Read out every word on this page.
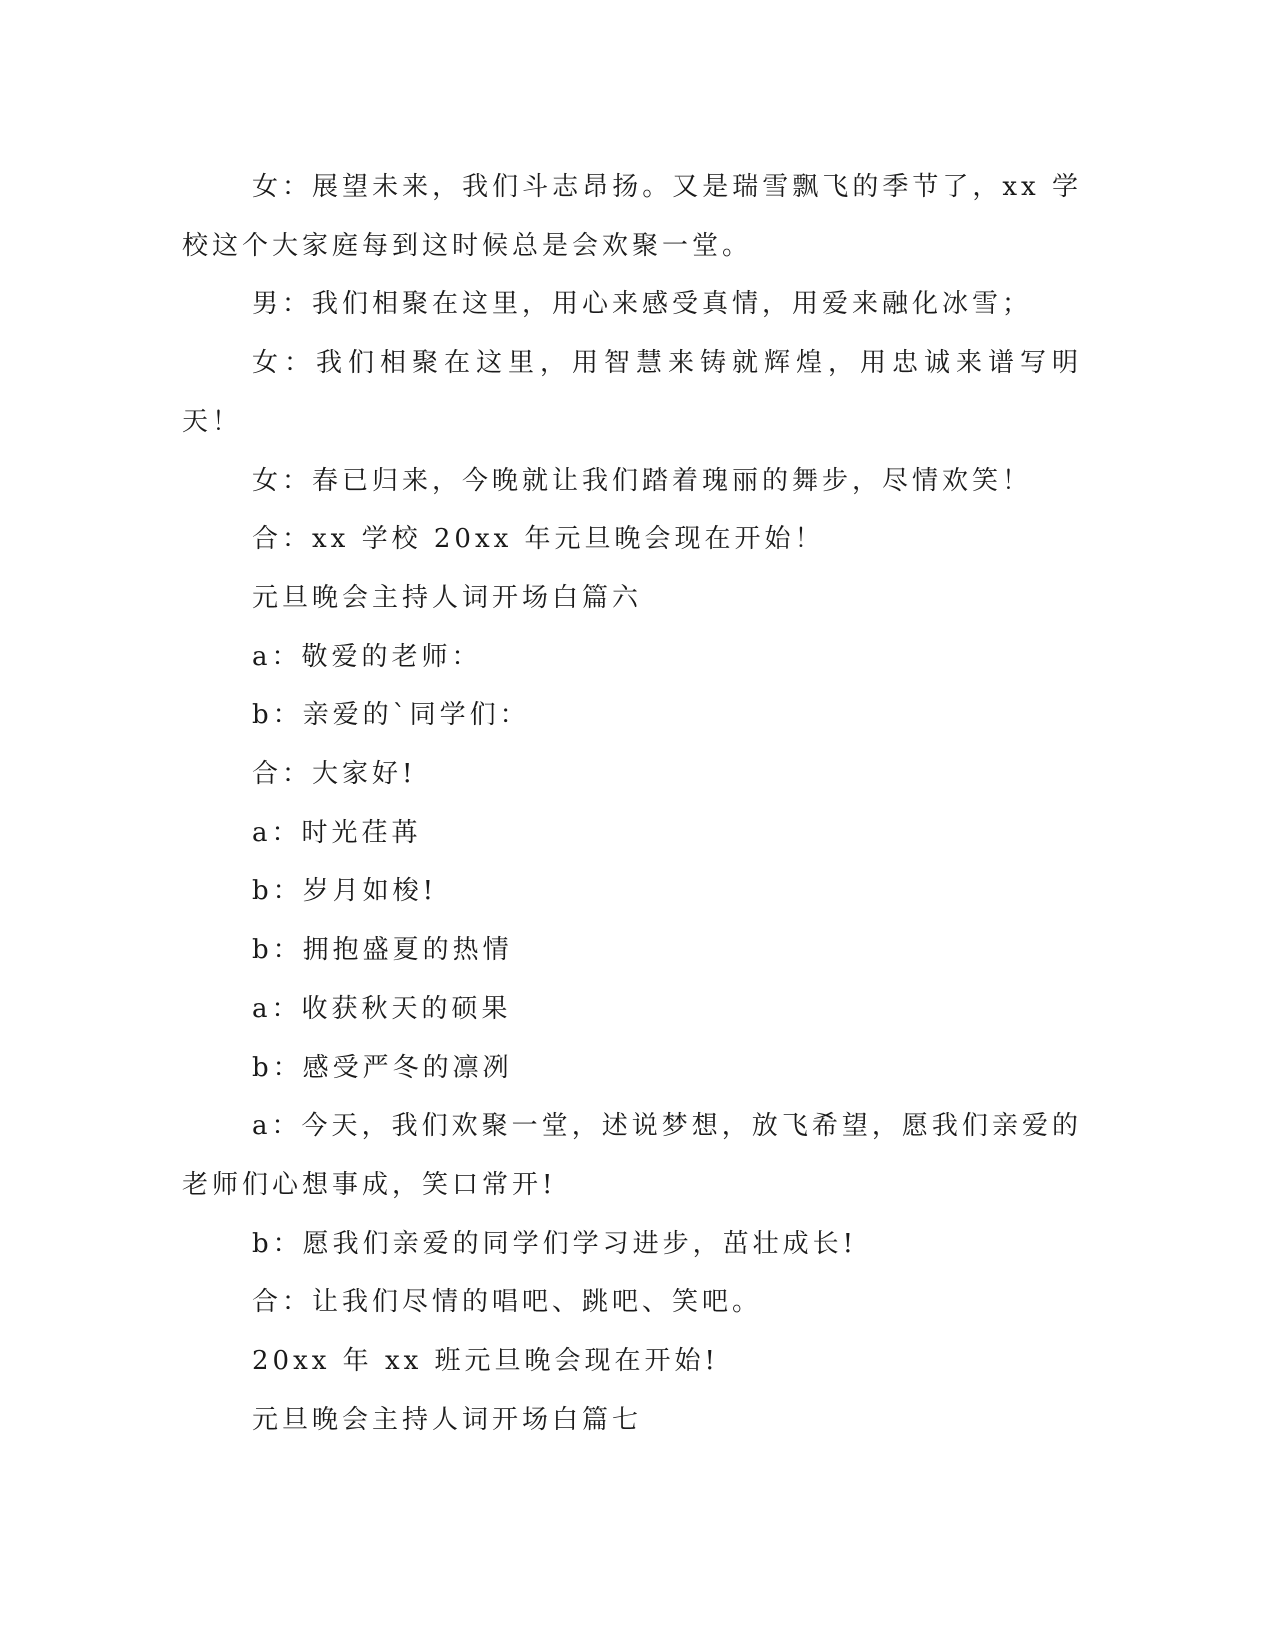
女：展望未来，我们斗志昂扬。又是瑞雪飘飞的季节了，xx 学校这个大家庭每到这时候总是会欢聚一堂。

男：我们相聚在这里，用心来感受真情，用爱来融化冰雪；

女：我们相聚在这里，用智慧来铸就辉煌，用忠诚来谱写明天！

女：春已归来，今晚就让我们踏着瑰丽的舞步，尽情欢笑！

合：xx 学校 20xx 年元旦晚会现在开始！

元旦晚会主持人词开场白篇六

a：敬爱的老师：

b：亲爱的`同学们：

合：大家好!

a：时光荏苒

b：岁月如梭!

b：拥抱盛夏的热情

a：收获秋天的硕果

b：感受严冬的凛冽

a：今天，我们欢聚一堂，述说梦想，放飞希望，愿我们亲爱的老师们心想事成，笑口常开!

b：愿我们亲爱的同学们学习进步，茁壮成长!

合：让我们尽情的唱吧、跳吧、笑吧。

20xx 年 xx 班元旦晚会现在开始!

元旦晚会主持人词开场白篇七
